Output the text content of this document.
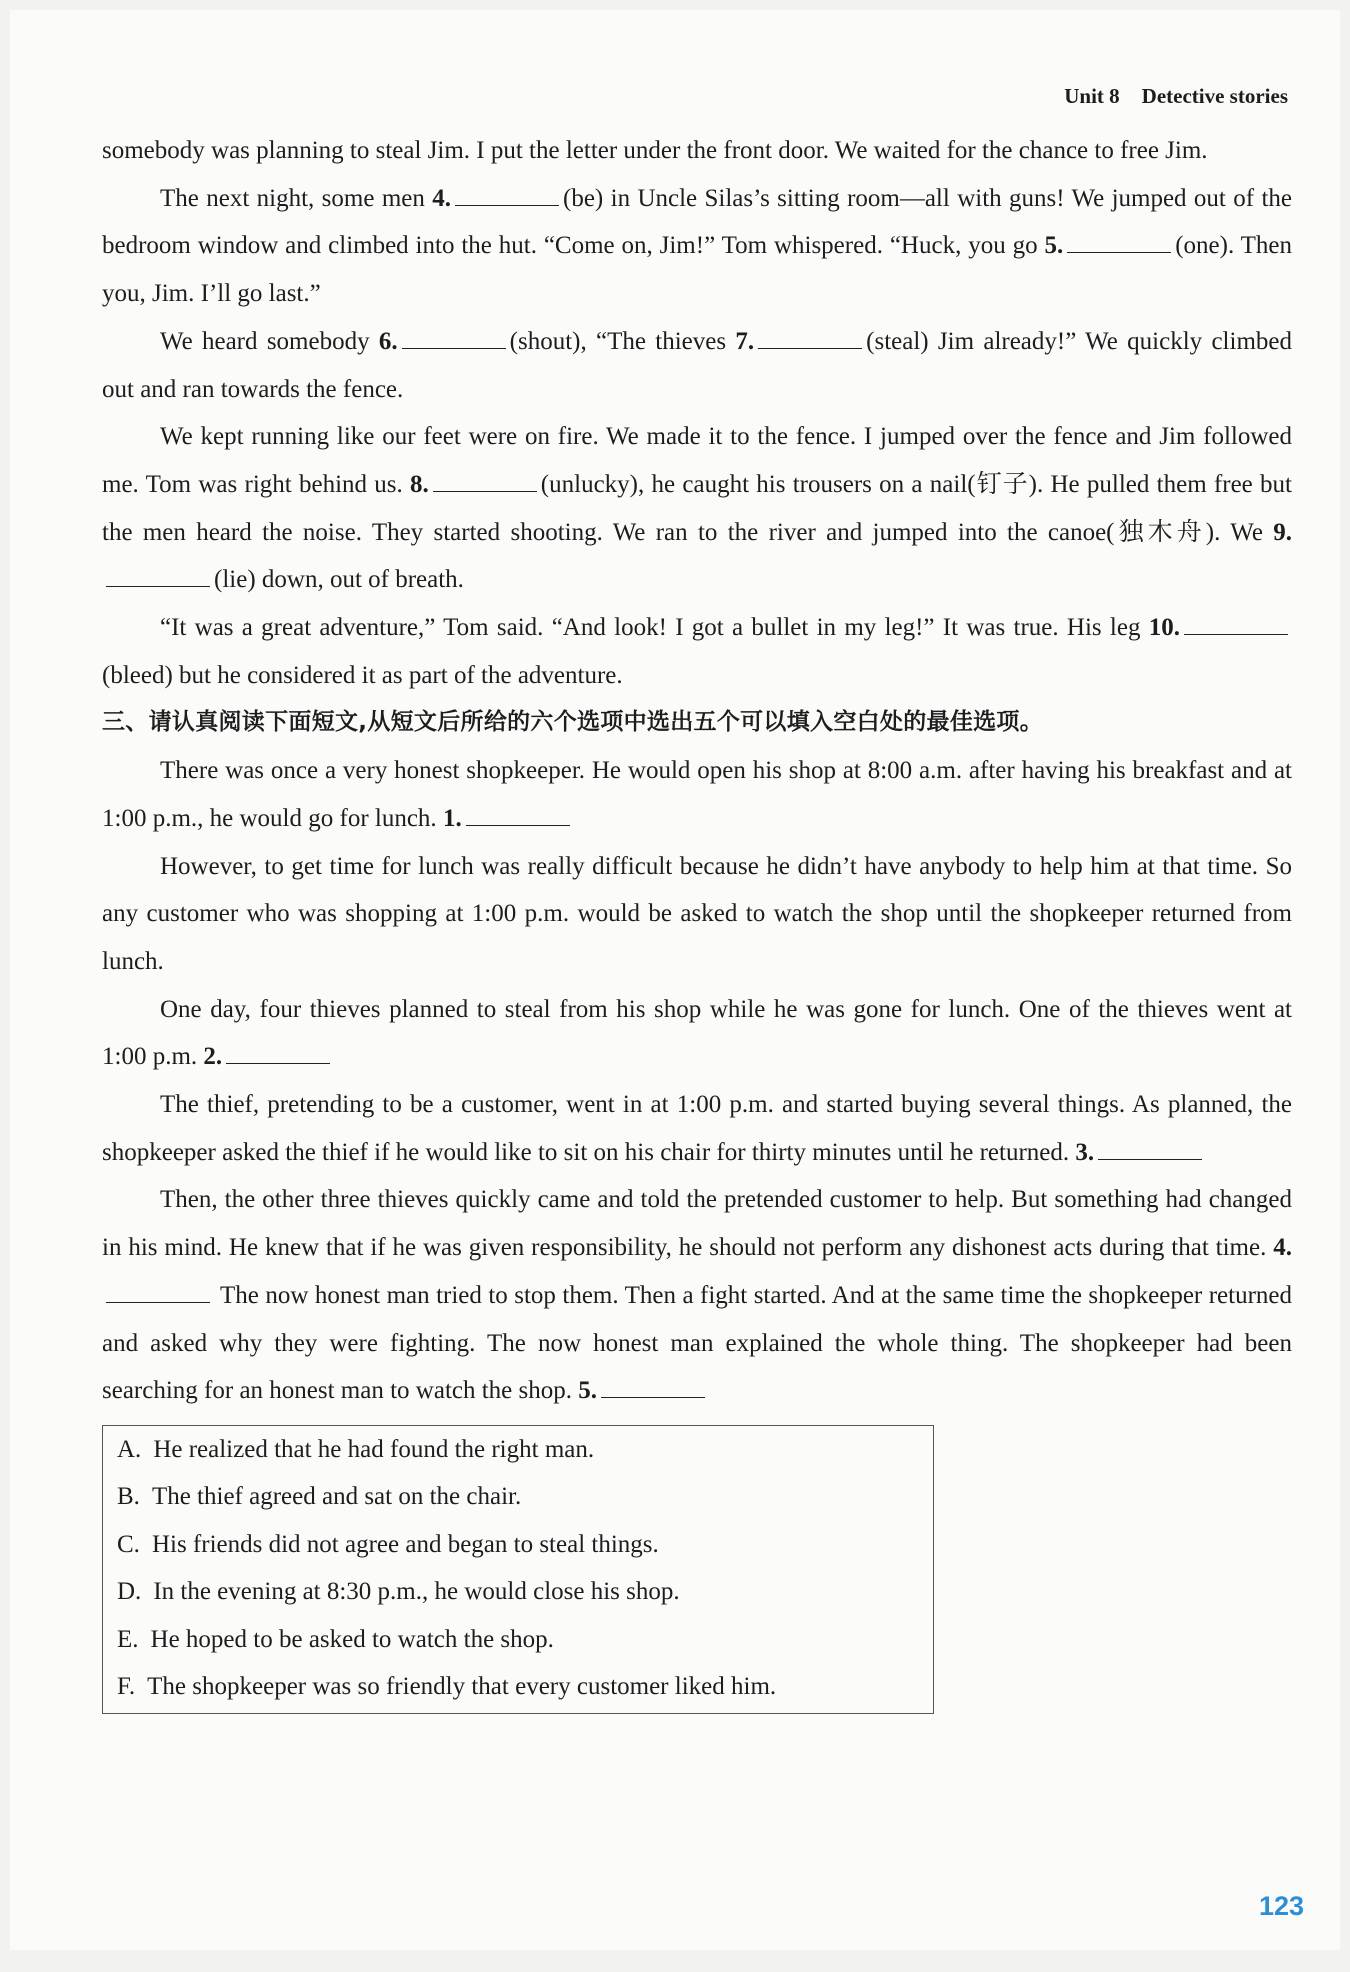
Unit 8 Detective stories

somebody was planning to steal Jim. I put the letter under the front door. We waited for the chance to free Jim.

The next night, some men 4.	(be) in Uncle Silas’s sitting room—all with guns! We jumped out of the bedroom window and climbed into the hut. “Come on, Jim!” Tom whispered. “Huck, you go 5.	(one). Then you, Jim. I’ll go last.”

We heard somebody 6.	(shout), “The thieves 7.	(steal) Jim already!” We quickly climbed out and ran towards the fence.

We kept running like our feet were on fire. We made it to the fence. I jumped over the fence and Jim followed me. Tom was right behind us. 8.	(unlucky), he caught his trousers on a nail(钉子). He pulled them free but the men heard the noise. They started shooting. We ran to the river and jumped into the canoe(独木舟). We 9.(lie) down, out of breath.

“It was a great adventure,” Tom said. “And look! I got a bullet in my leg!” It was true. His leg 10.(bleed) but he considered it as part of the adventure.

三、请认真阅读下面短文,从短文后所给的六个选项中选出五个可以填入空白处的最佳选项。

There was once a very honest shopkeeper. He would open his shop at 8:00 a.m. after having his breakfast and at 1:00 p.m., he would go for lunch. 1.

However, to get time for lunch was really difficult because he didn’t have anybody to help him at that time. So any customer who was shopping at 1:00 p.m. would be asked to watch the shop until the shopkeeper returned from lunch.

One day, four thieves planned to steal from his shop while he was gone for lunch. One of the thieves went at 1:00 p.m. 2.

The thief, pretending to be a customer, went in at 1:00 p.m. and started buying several things. As planned, the shopkeeper asked the thief if he would like to sit on his chair for thirty minutes until he returned. 3.

Then, the other three thieves quickly came and told the pretended customer to help. But something had changed in his mind. He knew that if he was given responsibility, he should not perform any dishonest acts during that time. 4. The now honest man tried to stop them. Then a fight started. And at the same time the shopkeeper returned and asked why they were fighting. The now honest man explained the whole thing. The shopkeeper had been searching for an honest man to watch the shop. 5.

A. He realized that he had found the right man.
B. The thief agreed and sat on the chair.
C. His friends did not agree and began to steal things.
D. In the evening at 8:30 p.m., he would close his shop.
E. He hoped to be asked to watch the shop.
F. The shopkeeper was so friendly that every customer liked him.
123
